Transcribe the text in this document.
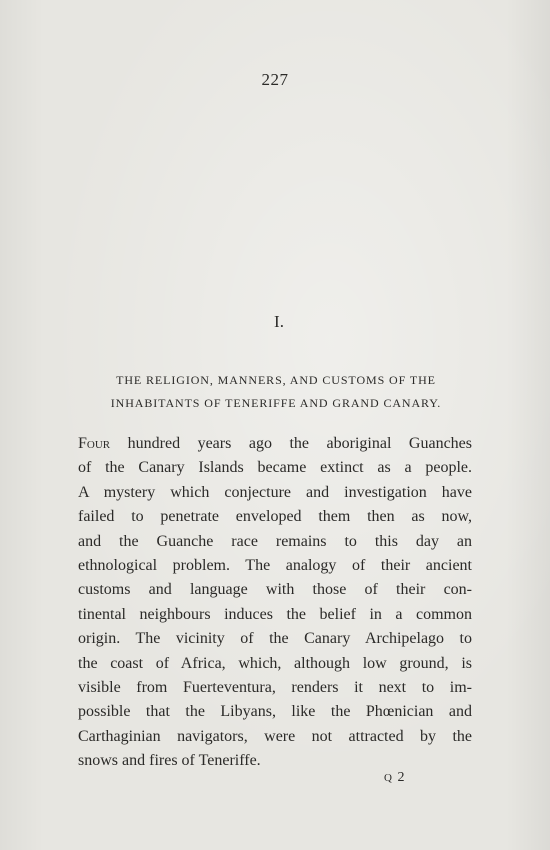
227
I.
THE RELIGION, MANNERS, AND CUSTOMS OF THE
INHABITANTS OF TENERIFFE AND GRAND CANARY.
Four hundred years ago the aboriginal Guanches
of the Canary Islands became extinct as a people.
A mystery which conjecture and investigation have
failed to penetrate enveloped them then as now,
and the Guanche race remains to this day an
ethnological problem. The analogy of their ancient
customs and language with those of their con-
tinental neighbours induces the belief in a common
origin. The vicinity of the Canary Archipelago to
the coast of Africa, which, although low ground, is
visible from Fuerteventura, renders it next to im-
possible that the Libyans, like the Phœnician and
Carthaginian navigators, were not attracted by the
snows and fires of Teneriffe.
Q 2
